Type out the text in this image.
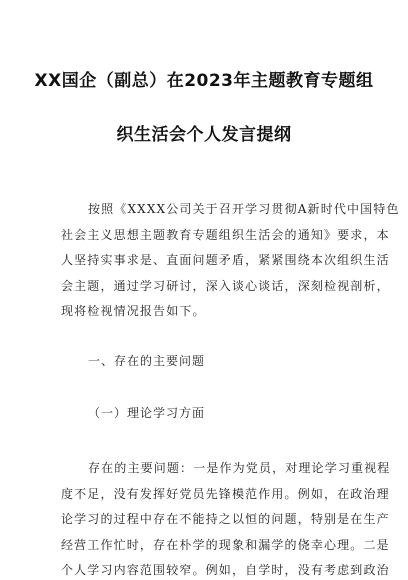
XX国企（副总）在2023年主题教育专题组
织生活会个人发言提纲
按照《XXXX公司关于召开学习贯彻A新时代中国特色
社会主义思想主题教育专题组织生活会的通知》要求，本
人坚持实事求是、直面问题矛盾，紧紧围绕本次组织生活
会主题，通过学习研讨，深入谈心谈话，深刻检视剖析，
现将检视情况报告如下。
一、存在的主要问题
（一）理论学习方面
存在的主要问题：一是作为党员，对理论学习重视程
度不足，没有发挥好党员先锋模范作用。例如，在政治理
论学习的过程中存在不能持之以恒的问题，特别是在生产
经营工作忙时，存在朴学的现象和漏学的侥幸心理。二是
个人学习内容范围较窄。例如，自学时，没有考虑到政治
